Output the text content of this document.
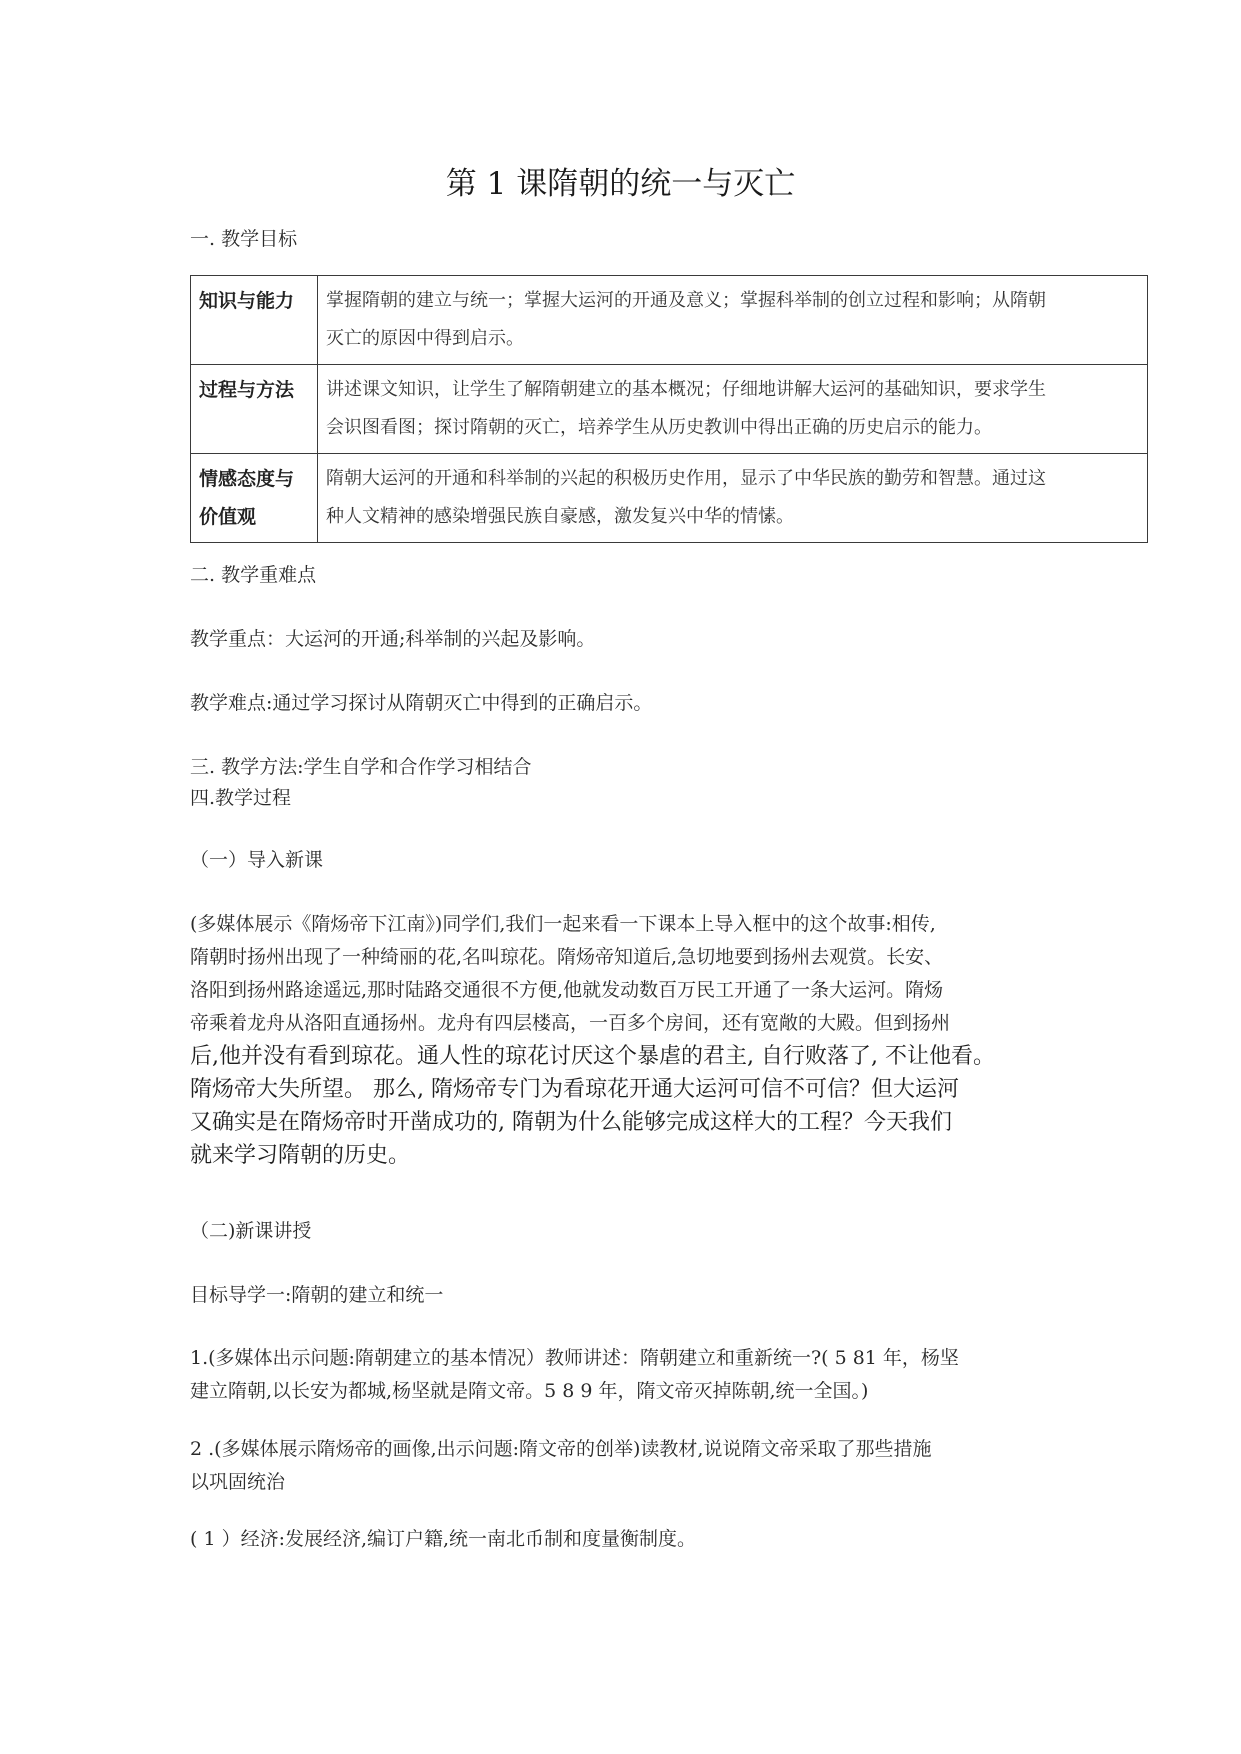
第 1 课隋朝的统一与灭亡
一. 教学目标
知识与能力	掌握隋朝的建立与统一；掌握大运河的开通及意义；掌握科举制的创立过程和影响；从隋朝
灭亡的原因中得到启示。

过程与方法	讲述课文知识，让学生了解隋朝建立的基本概况；仔细地讲解大运河的基础知识，要求学生
会识图看图；探讨隋朝的灭亡，培养学生从历史教训中得出正确的历史启示的能力。

情感态度与
价值观	隋朝大运河的开通和科举制的兴起的积极历史作用，显示了中华民族的勤劳和智慧。通过这
种人文精神的感染增强民族自豪感，激发复兴中华的情愫。
二. 教学重难点
教学重点：大运河的开通;科举制的兴起及影响。
教学难点:通过学习探讨从隋朝灭亡中得到的正确启示。
三. 教学方法:学生自学和合作学习相结合
四.教学过程
（一）导入新课
(多媒体展示《隋炀帝下江南》)同学们,我们一起来看一下课本上导入框中的这个故事:相传,
隋朝时扬州出现了一种绮丽的花,名叫琼花。隋炀帝知道后,急切地要到扬州去观赏。长安、
洛阳到扬州路途遥远,那时陆路交通很不方便,他就发动数百万民工开通了一条大运河。隋炀
帝乘着龙舟从洛阳直通扬州。龙舟有四层楼高，一百多个房间，还有宽敞的大殿。但到扬州
后,他并没有看到琼花。通人性的琼花讨厌这个暴虐的君主, 自行败落了, 不让他看。
隋炀帝大失所望。 那么, 隋炀帝专门为看琼花开通大运河可信不可信？但大运河
又确实是在隋炀帝时开凿成功的, 隋朝为什么能够完成这样大的工程？今天我们
就来学习隋朝的历史。
（二)新课讲授
目标导学一:隋朝的建立和统一
1.(多媒体出示问题:隋朝建立的基本情况）教师讲述：隋朝建立和重新统一?( 5 81 年，杨坚
建立隋朝,以长安为都城,杨坚就是隋文帝。5 8 9 年，隋文帝灭掉陈朝,统一全国。)
2 .(多媒体展示隋炀帝的画像,出示问题:隋文帝的创举)读教材,说说隋文帝采取了那些措施
以巩固统治
( 1 ）经济:发展经济,编订户籍,统一南北币制和度量衡制度。
